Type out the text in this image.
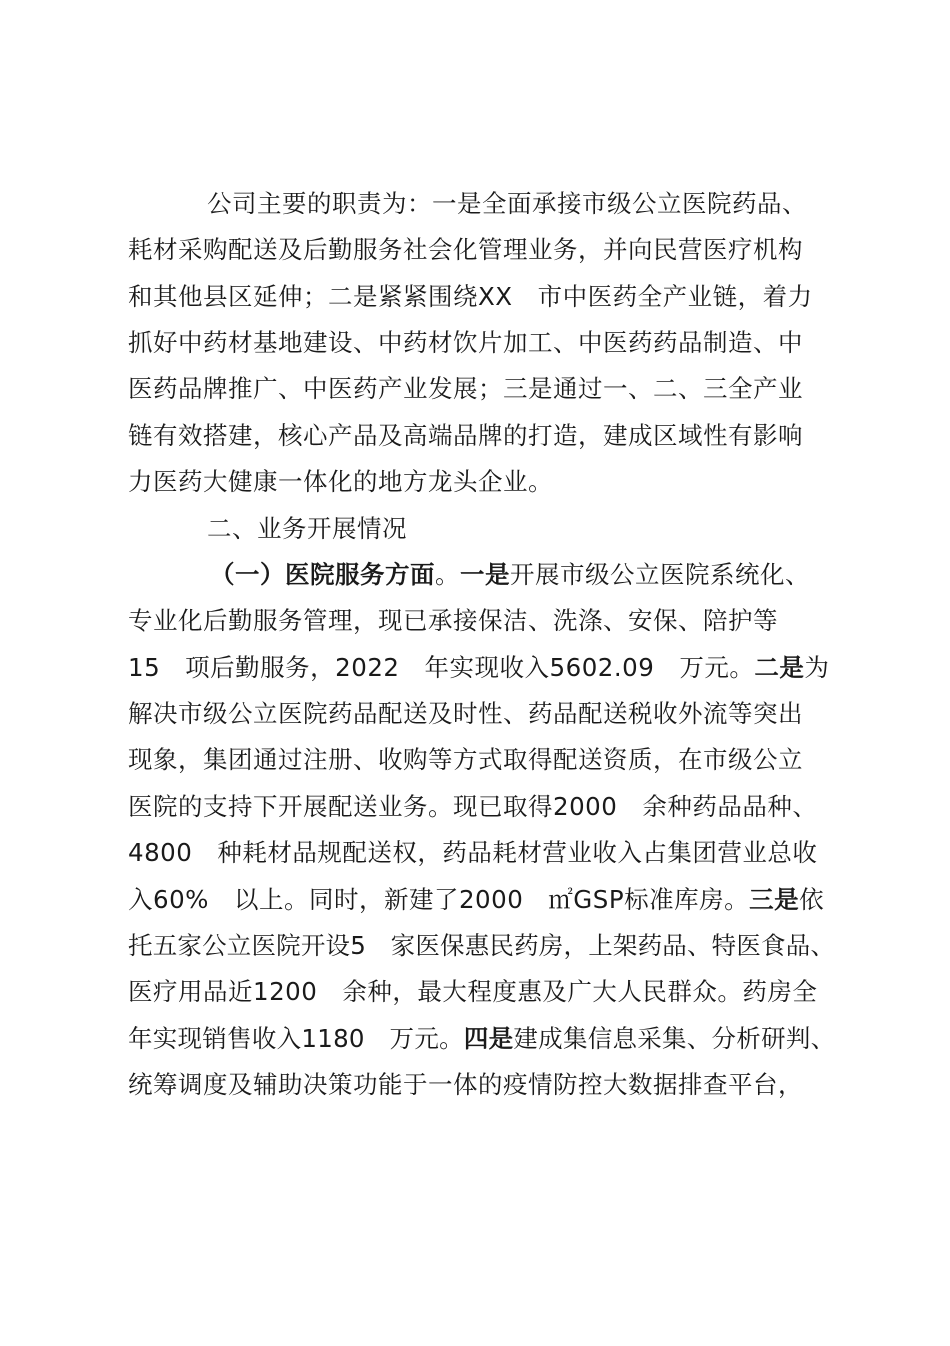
公司主要的职责为：一是全面承接市级公立医院药品、
耗材采购配送及后勤服务社会化管理业务，并向民营医疗机构
和其他县区延伸；二是紧紧围绕XX　市中医药全产业链，着力
抓好中药材基地建设、中药材饮片加工、中医药药品制造、中
医药品牌推广、中医药产业发展；三是通过一、二、三全产业
链有效搭建，核心产品及高端品牌的打造，建成区域性有影响
力医药大健康一体化的地方龙头企业。
二、业务开展情况
（一）医院服务方面。一是开展市级公立医院系统化、
专业化后勤服务管理，现已承接保洁、洗涤、安保、陪护等
15　项后勤服务，2022　年实现收入5602.09　万元。二是为
解决市级公立医院药品配送及时性、药品配送税收外流等突出
现象，集团通过注册、收购等方式取得配送资质，在市级公立
医院的支持下开展配送业务。现已取得2000　余种药品品种、
4800　种耗材品规配送权，药品耗材营业收入占集团营业总收
入60%　以上。同时，新建了2000　㎡GSP标准库房。三是依
托五家公立医院开设5　家医保惠民药房，上架药品、特医食品、
医疗用品近1200　余种，最大程度惠及广大人民群众。药房全
年实现销售收入1180　万元。四是建成集信息采集、分析研判、
统筹调度及辅助决策功能于一体的疫情防控大数据排查平台，
